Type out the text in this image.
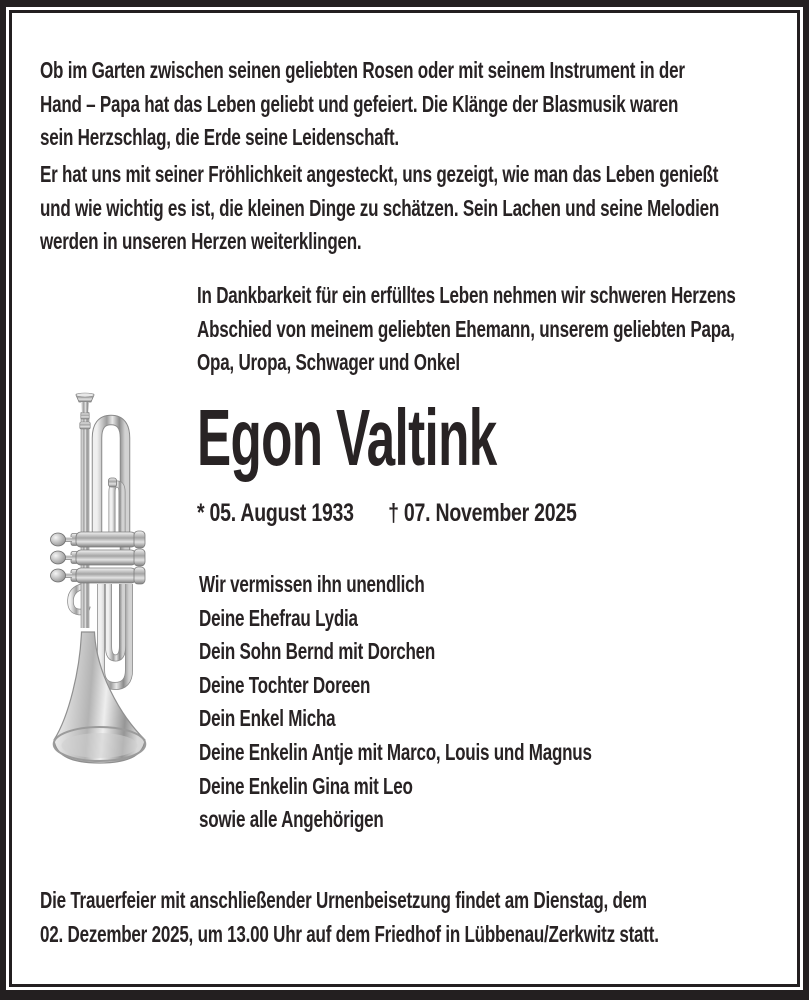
Ob im Garten zwischen seinen geliebten Rosen oder mit seinem Instrument in der
Hand – Papa hat das Leben geliebt und gefeiert. Die Klänge der Blasmusik waren
sein Herzschlag, die Erde seine Leidenschaft.
Er hat uns mit seiner Fröhlichkeit angesteckt, uns gezeigt, wie man das Leben genießt
und wie wichtig es ist, die kleinen Dinge zu schätzen. Sein Lachen und seine Melodien
werden in unseren Herzen weiterklingen.
In Dankbarkeit für ein erfülltes Leben nehmen wir schweren Herzens
Abschied von meinem geliebten Ehemann, unserem geliebten Papa,
Opa, Uropa, Schwager und Onkel
Egon Valtink
* 05. August 1933 † 07. November 2025
Wir vermissen ihn unendlich
Deine Ehefrau Lydia
Dein Sohn Bernd mit Dorchen
Deine Tochter Doreen
Dein Enkel Micha
Deine Enkelin Antje mit Marco, Louis und Magnus
Deine Enkelin Gina mit Leo
sowie alle Angehörigen
Die Trauerfeier mit anschließender Urnenbeisetzung findet am Dienstag, dem
02. Dezember 2025, um 13.00 Uhr auf dem Friedhof in Lübbenau/Zerkwitz statt.
